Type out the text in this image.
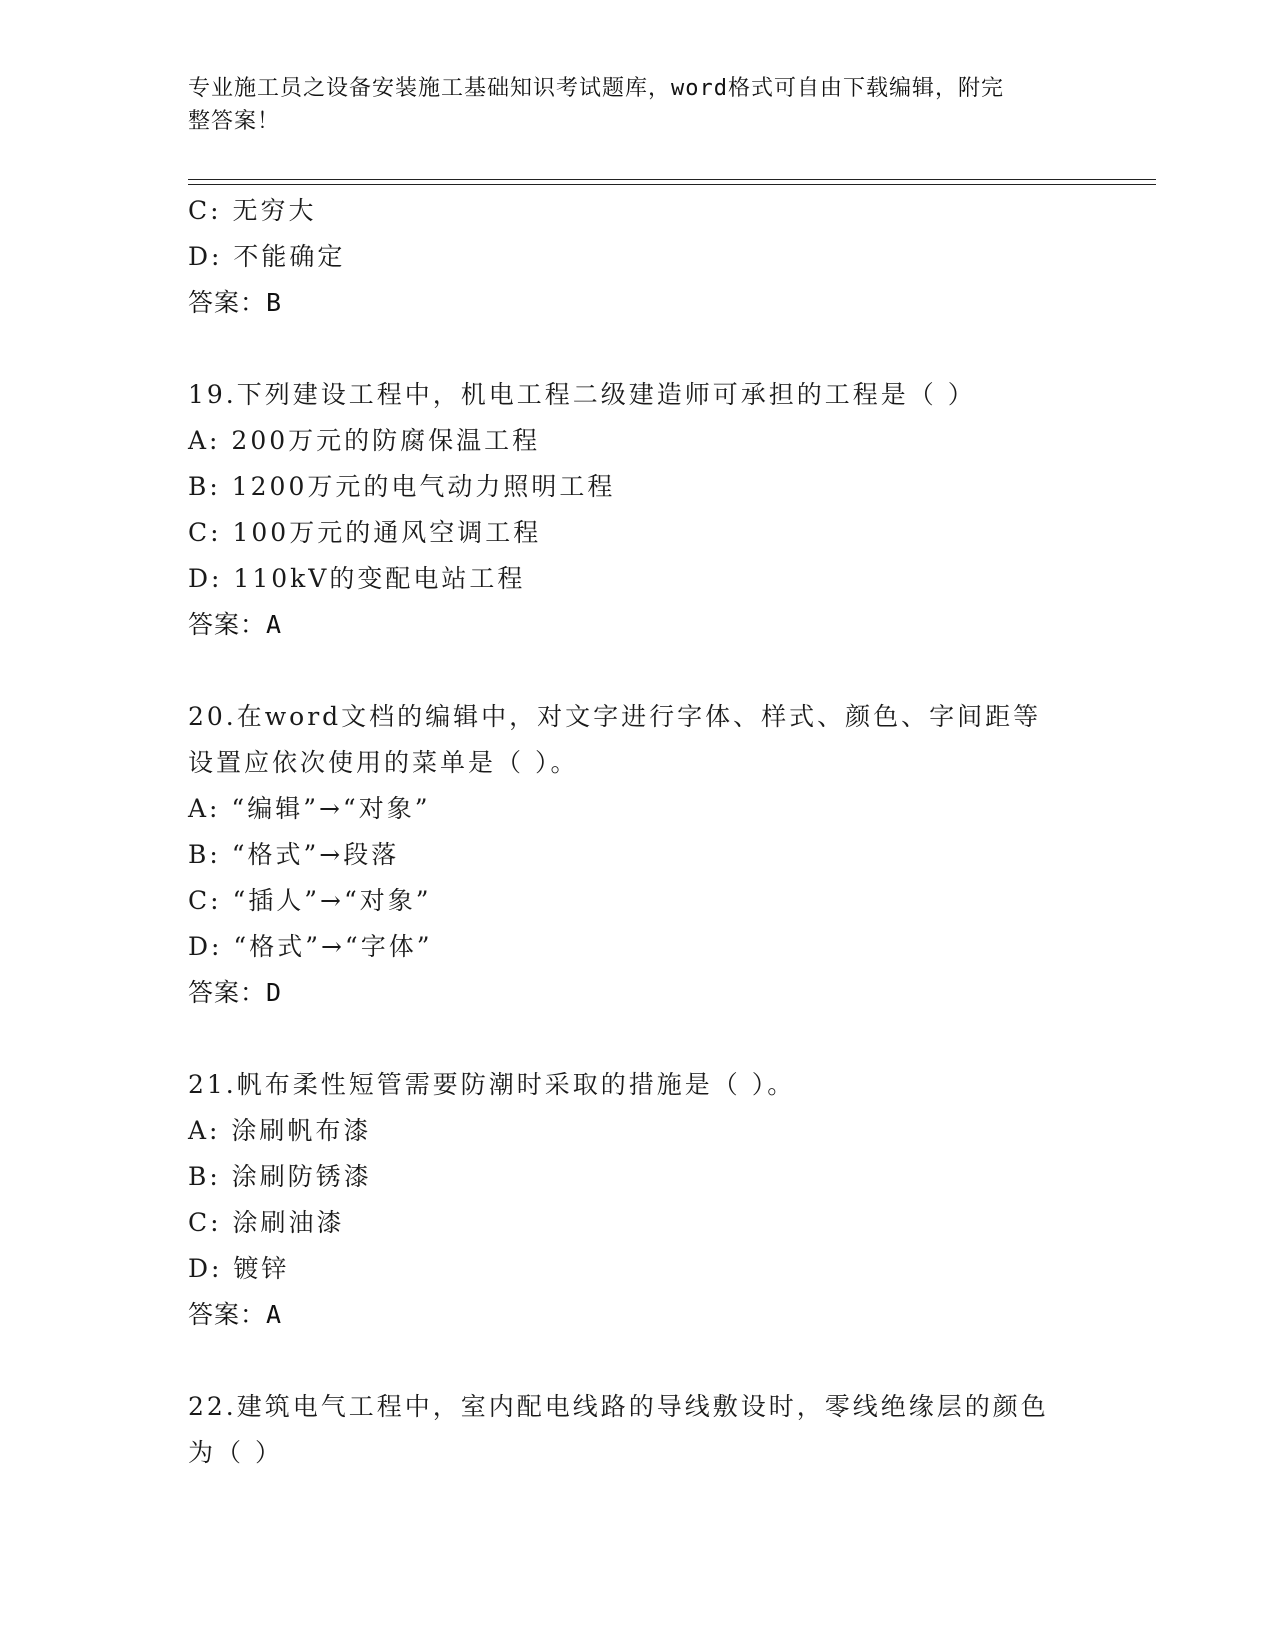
专业施工员之设备安装施工基础知识考试题库，word格式可自由下载编辑，附完
整答案！
C: 无穷大
D: 不能确定
答案：B
19.下列建设工程中，机电工程二级建造师可承担的工程是（ ）
A: 200万元的防腐保温工程
B: 1200万元的电气动力照明工程
C: 100万元的通风空调工程
D: 110kV的变配电站工程
答案：A
20.在word文档的编辑中，对文字进行字体、样式、颜色、字间距等
设置应依次使用的菜单是（ ）。
A: “编辑”→“对象”
B: “格式”→段落
C: “插人”→“对象”
D: “格式”→“字体”
答案：D
21.帆布柔性短管需要防潮时采取的措施是（ ）。
A: 涂刷帆布漆
B: 涂刷防锈漆
C: 涂刷油漆
D: 镀锌
答案：A
22.建筑电气工程中，室内配电线路的导线敷设时，零线绝缘层的颜色
为（ ）
